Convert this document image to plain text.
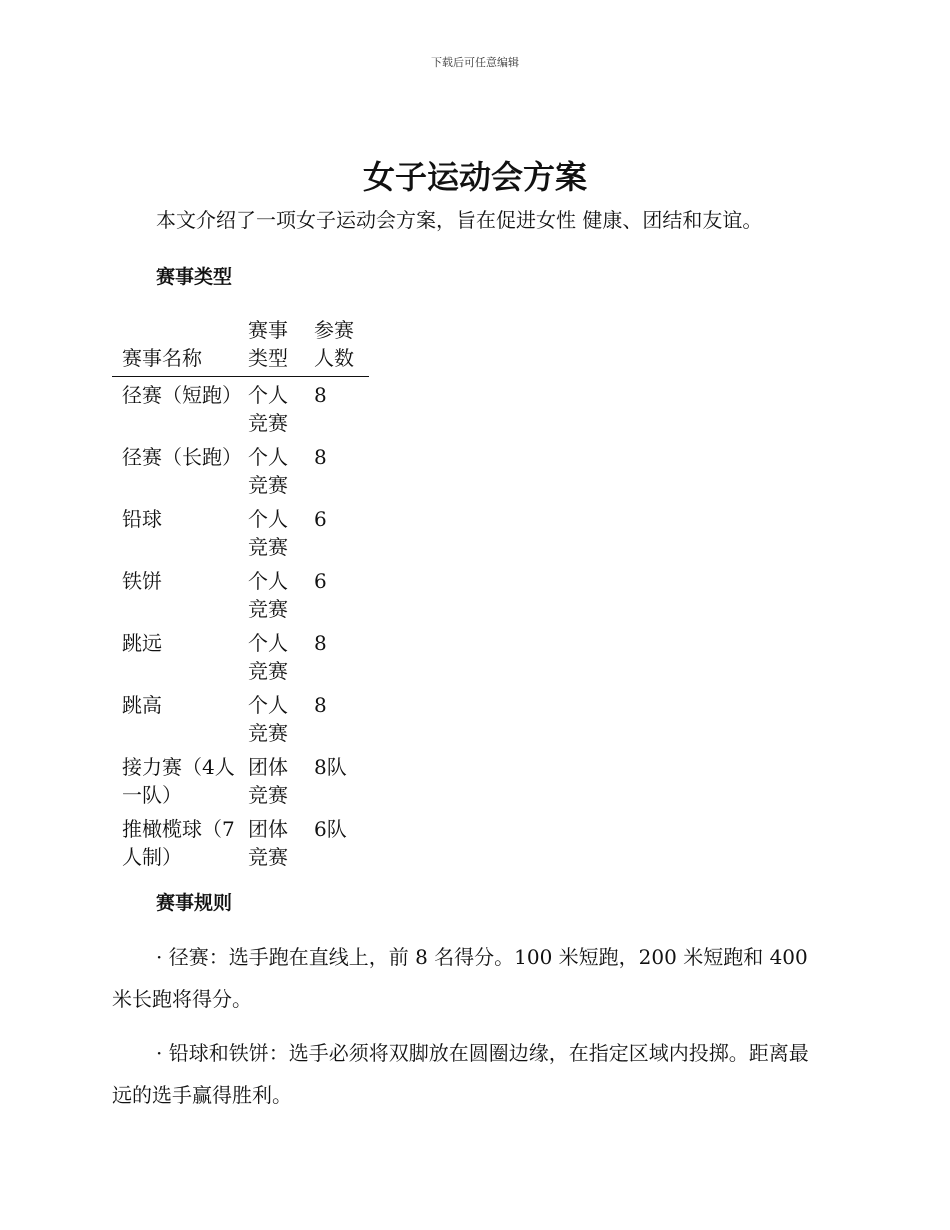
下载后可任意编辑
女子运动会方案

本文介绍了一项女子运动会方案，旨在促进女性 健康、团结和友谊。

赛事类型
赛事名称	赛事类型	参赛人数
径赛（短跑）	个人竞赛	8
径赛（长跑）	个人竞赛	8
铅球	个人竞赛	6
铁饼	个人竞赛	6
跳远	个人竞赛	8
跳高	个人竞赛	8
接力赛（4人一队）	团体竞赛	8队
推橄榄球（7人制）	团体竞赛	6队
赛事规则

· 径赛：选手跑在直线上，前 8 名得分。100 米短跑，200 米短跑和 400 米长跑将得分。

· 铅球和铁饼：选手必须将双脚放在圆圈边缘，在指定区域内投掷。距离最远的选手赢得胜利。
